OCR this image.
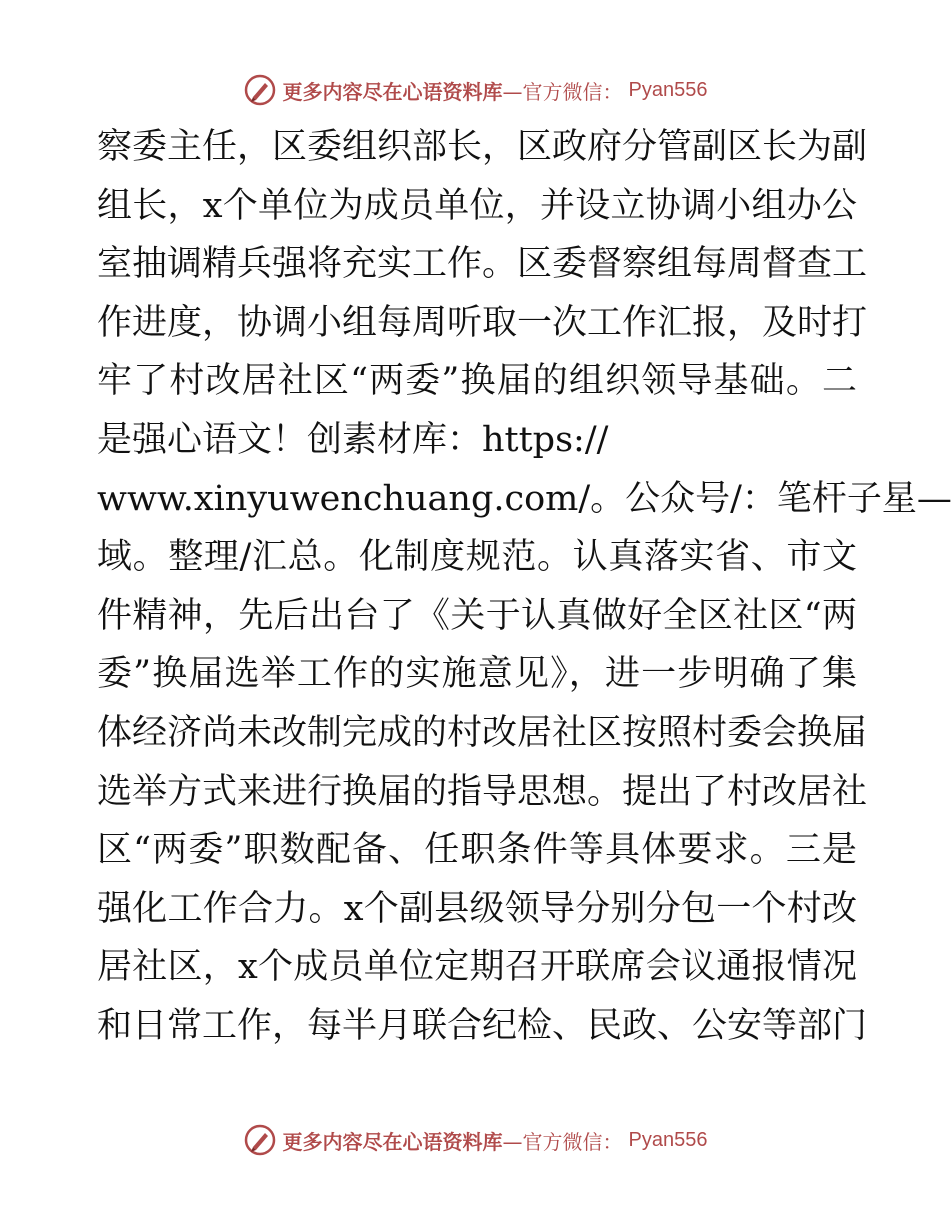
更多内容尽在心语资料库—官方微信： Pyan556
察委主任，区委组织部长，区政府分管副区长为副
组长，x个单位为成员单位，并设立协调小组办公
室抽调精兵强将充实工作。区委督察组每周督查工
作进度，协调小组每周听取一次工作汇报，及时打
牢了村改居社区“两委”换届的组织领导基础。二
是强心语文！创素材库：https://
www.xinyuwenchuang.com/。公众号/：笔杆子星—
域。整理/汇总。化制度规范。认真落实省、市文
件精神，先后出台了《关于认真做好全区社区“两
委”换届选举工作的实施意见》，进一步明确了集
体经济尚未改制完成的村改居社区按照村委会换届
选举方式来进行换届的指导思想。提出了村改居社
区“两委”职数配备、任职条件等具体要求。三是
强化工作合力。x个副县级领导分别分包一个村改
居社区，x个成员单位定期召开联席会议通报情况
和日常工作，每半月联合纪检、民政、公安等部门
更多内容尽在心语资料库—官方微信： Pyan556
